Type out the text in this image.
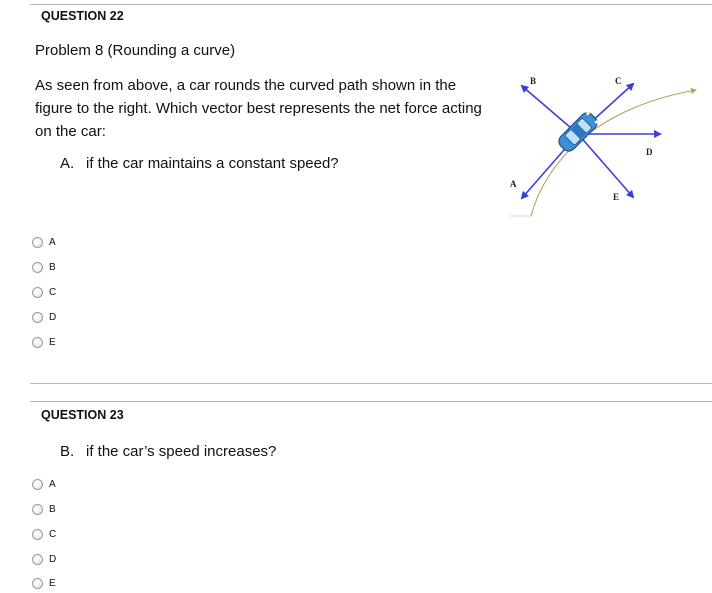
QUESTION 22
Problem 8 (Rounding a curve)
As seen from above, a car rounds the curved path shown in the figure to the right. Which vector best represents the net force acting on the car:
A. if the car maintains a constant speed?
B	C
D
E
A
A
B
C
D
E
QUESTION 23
B. if the car’s speed increases?
A
B
C
D
E
